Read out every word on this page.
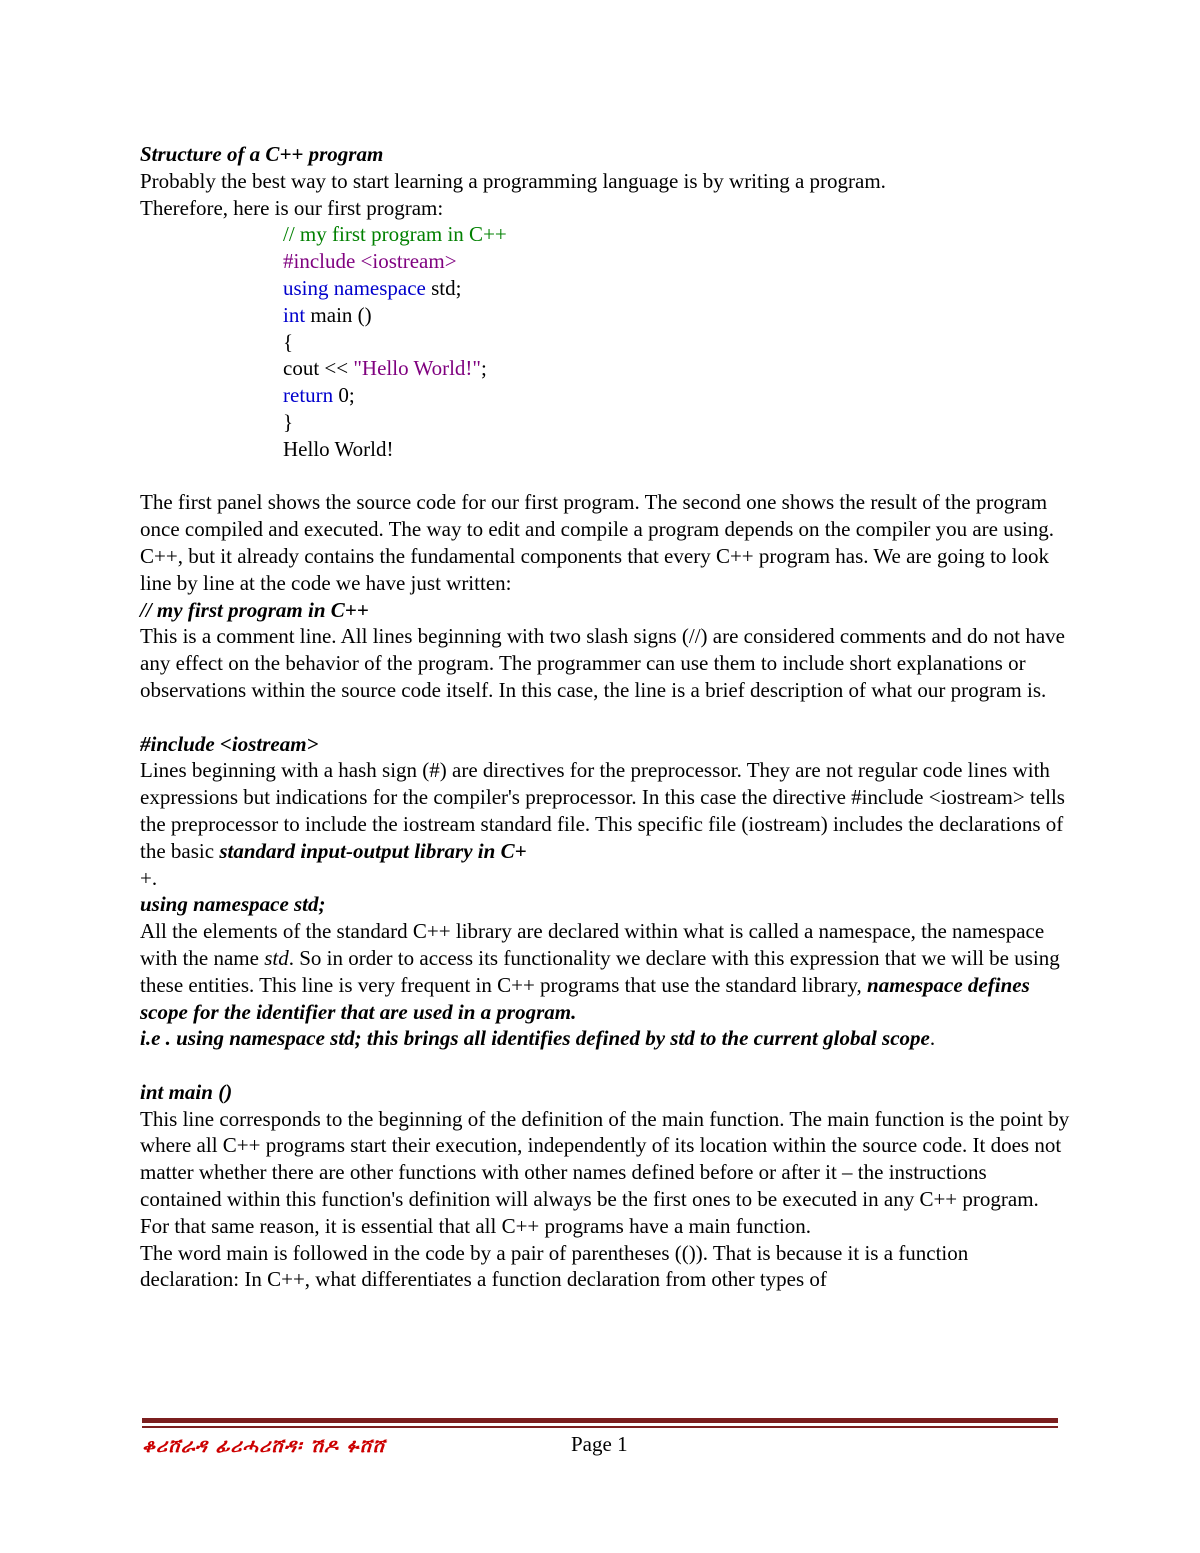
Structure of a C++ program

Probably the best way to start learning a programming language is by writing a program.

Therefore, here is our first program:

// my first program in C++

#include <iostream>

using namespace std;

int main ()

{

cout << "Hello World!";

return 0;

}

Hello World!

The first panel shows the source code for our first program. The second one shows the result of the program once compiled and executed. The way to edit and compile a program depends on the compiler you are using.

C++, but it already contains the fundamental components that every C++ program has. We are going to look line by line at the code we have just written:

// my first program in C++

This is a comment line. All lines beginning with two slash signs (//) are considered comments and do not have any effect on the behavior of the program. The programmer can use them to include short explanations or observations within the source code itself. In this case, the line is a brief description of what our program is.

#include <iostream>

Lines beginning with a hash sign (#) are directives for the preprocessor. They are not regular code lines with expressions but indications for the compiler's preprocessor. In this case the directive #include <iostream> tells the preprocessor to include the iostream standard file. This specific file (iostream) includes the declarations of the basic standard input-output library in C+
+.

using namespace std;

All the elements of the standard C++ library are declared within what is called a namespace, the namespace with the name std. So in order to access its functionality we declare with this expression that we will be using these entities. This line is very frequent in C++ programs that use the standard library, namespace defines scope for the identifier that are used in a program.
i.e . using namespace std; this brings all identifies defined by std to the current global scope.

int main ()

This line corresponds to the beginning of the definition of the main function. The main function is the point by where all C++ programs start their execution, independently of its location within the source code. It does not matter whether there are other functions with other names defined before or after it – the instructions contained within this function's definition will always be the first ones to be executed in any C++ program. For that same reason, it is essential that all C++ programs have a main function.

The word main is followed in the code by a pair of parentheses (()). That is because it is a function declaration: In C++, what differentiates a function declaration from other types of

ቆሪሸራዳ ፊሪሓሪሸዳ፡ ሽዶ ፉሸሸ	Page 1
